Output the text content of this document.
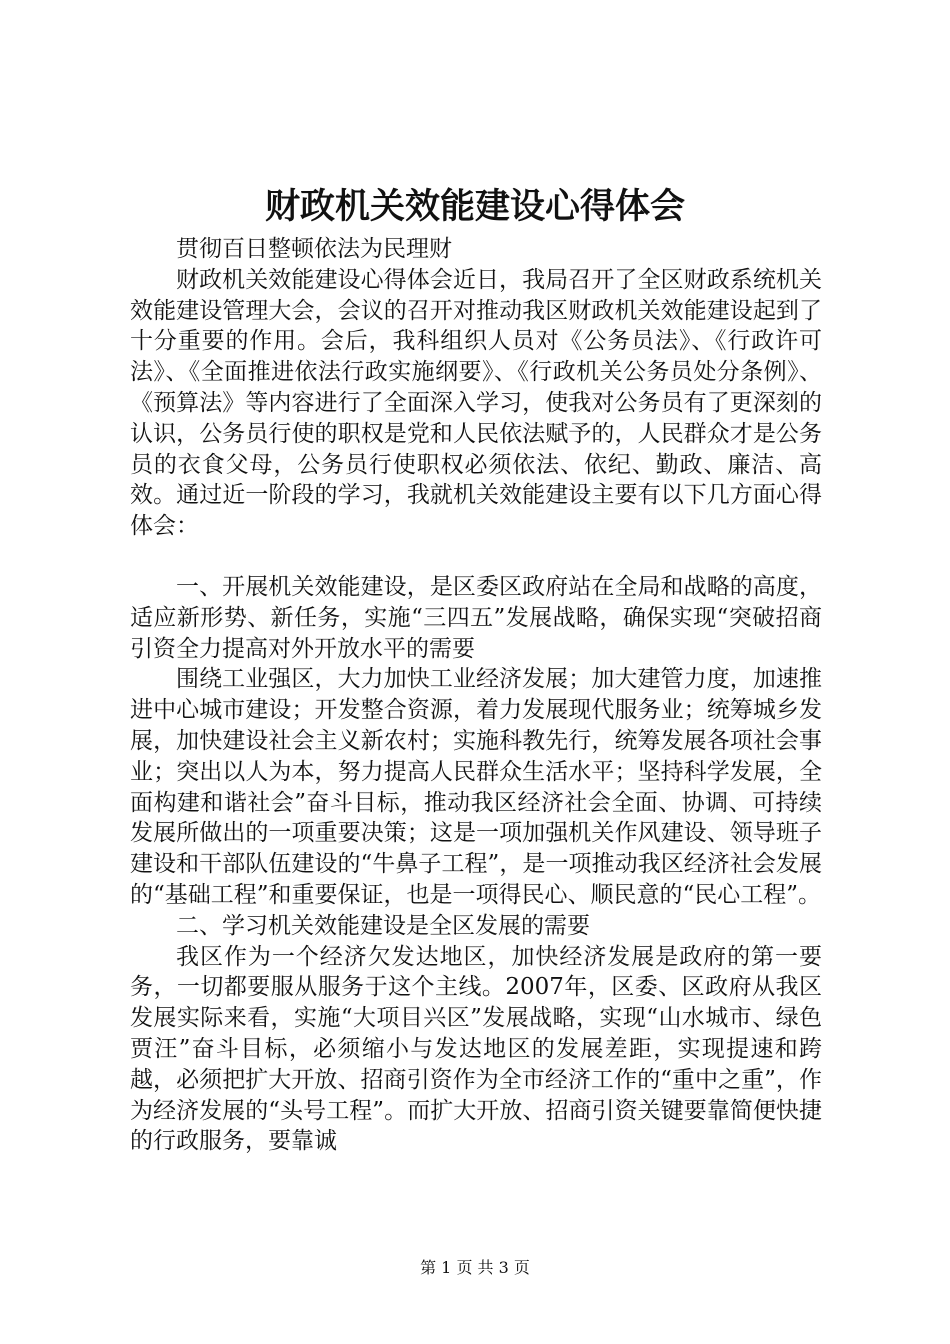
财政机关效能建设心得体会

贯彻百日整顿依法为民理财

财政机关效能建设心得体会近日，我局召开了全区财政系统机关效能建设管理大会，会议的召开对推动我区财政机关效能建设起到了十分重要的作用。会后，我科组织人员对《公务员法》、《行政许可法》、《全面推进依法行政实施纲要》、《行政机关公务员处分条例》、《预算法》等内容进行了全面深入学习，使我对公务员有了更深刻的认识，公务员行使的职权是党和人民依法赋予的，人民群众才是公务员的衣食父母，公务员行使职权必须依法、依纪、勤政、廉洁、高效。通过近一阶段的学习，我就机关效能建设主要有以下几方面心得体会：

一、开展机关效能建设，是区委区政府站在全局和战略的高度，适应新形势、新任务，实施“三四五”发展战略，确保实现“突破招商引资全力提高对外开放水平的需要

围绕工业强区，大力加快工业经济发展；加大建管力度，加速推进中心城市建设；开发整合资源，着力发展现代服务业；统筹城乡发展，加快建设社会主义新农村；实施科教先行，统筹发展各项社会事业；突出以人为本，努力提高人民群众生活水平；坚持科学发展，全面构建和谐社会”奋斗目标，推动我区经济社会全面、协调、可持续发展所做出的一项重要决策；这是一项加强机关作风建设、领导班子建设和干部队伍建设的“牛鼻子工程”，是一项推动我区经济社会发展的“基础工程”和重要保证，也是一项得民心、顺民意的“民心工程”。

二、学习机关效能建设是全区发展的需要

我区作为一个经济欠发达地区，加快经济发展是政府的第一要务，一切都要服从服务于这个主线。2007年，区委、区政府从我区发展实际来看，实施“大项目兴区”发展战略，实现“山水城市、绿色贾汪”奋斗目标，必须缩小与发达地区的发展差距，实现提速和跨越，必须把扩大开放、招商引资作为全市经济工作的“重中之重”，作为经济发展的“头号工程”。而扩大开放、招商引资关键要靠简便快捷的行政服务，要靠诚

第 1 页 共 3 页
